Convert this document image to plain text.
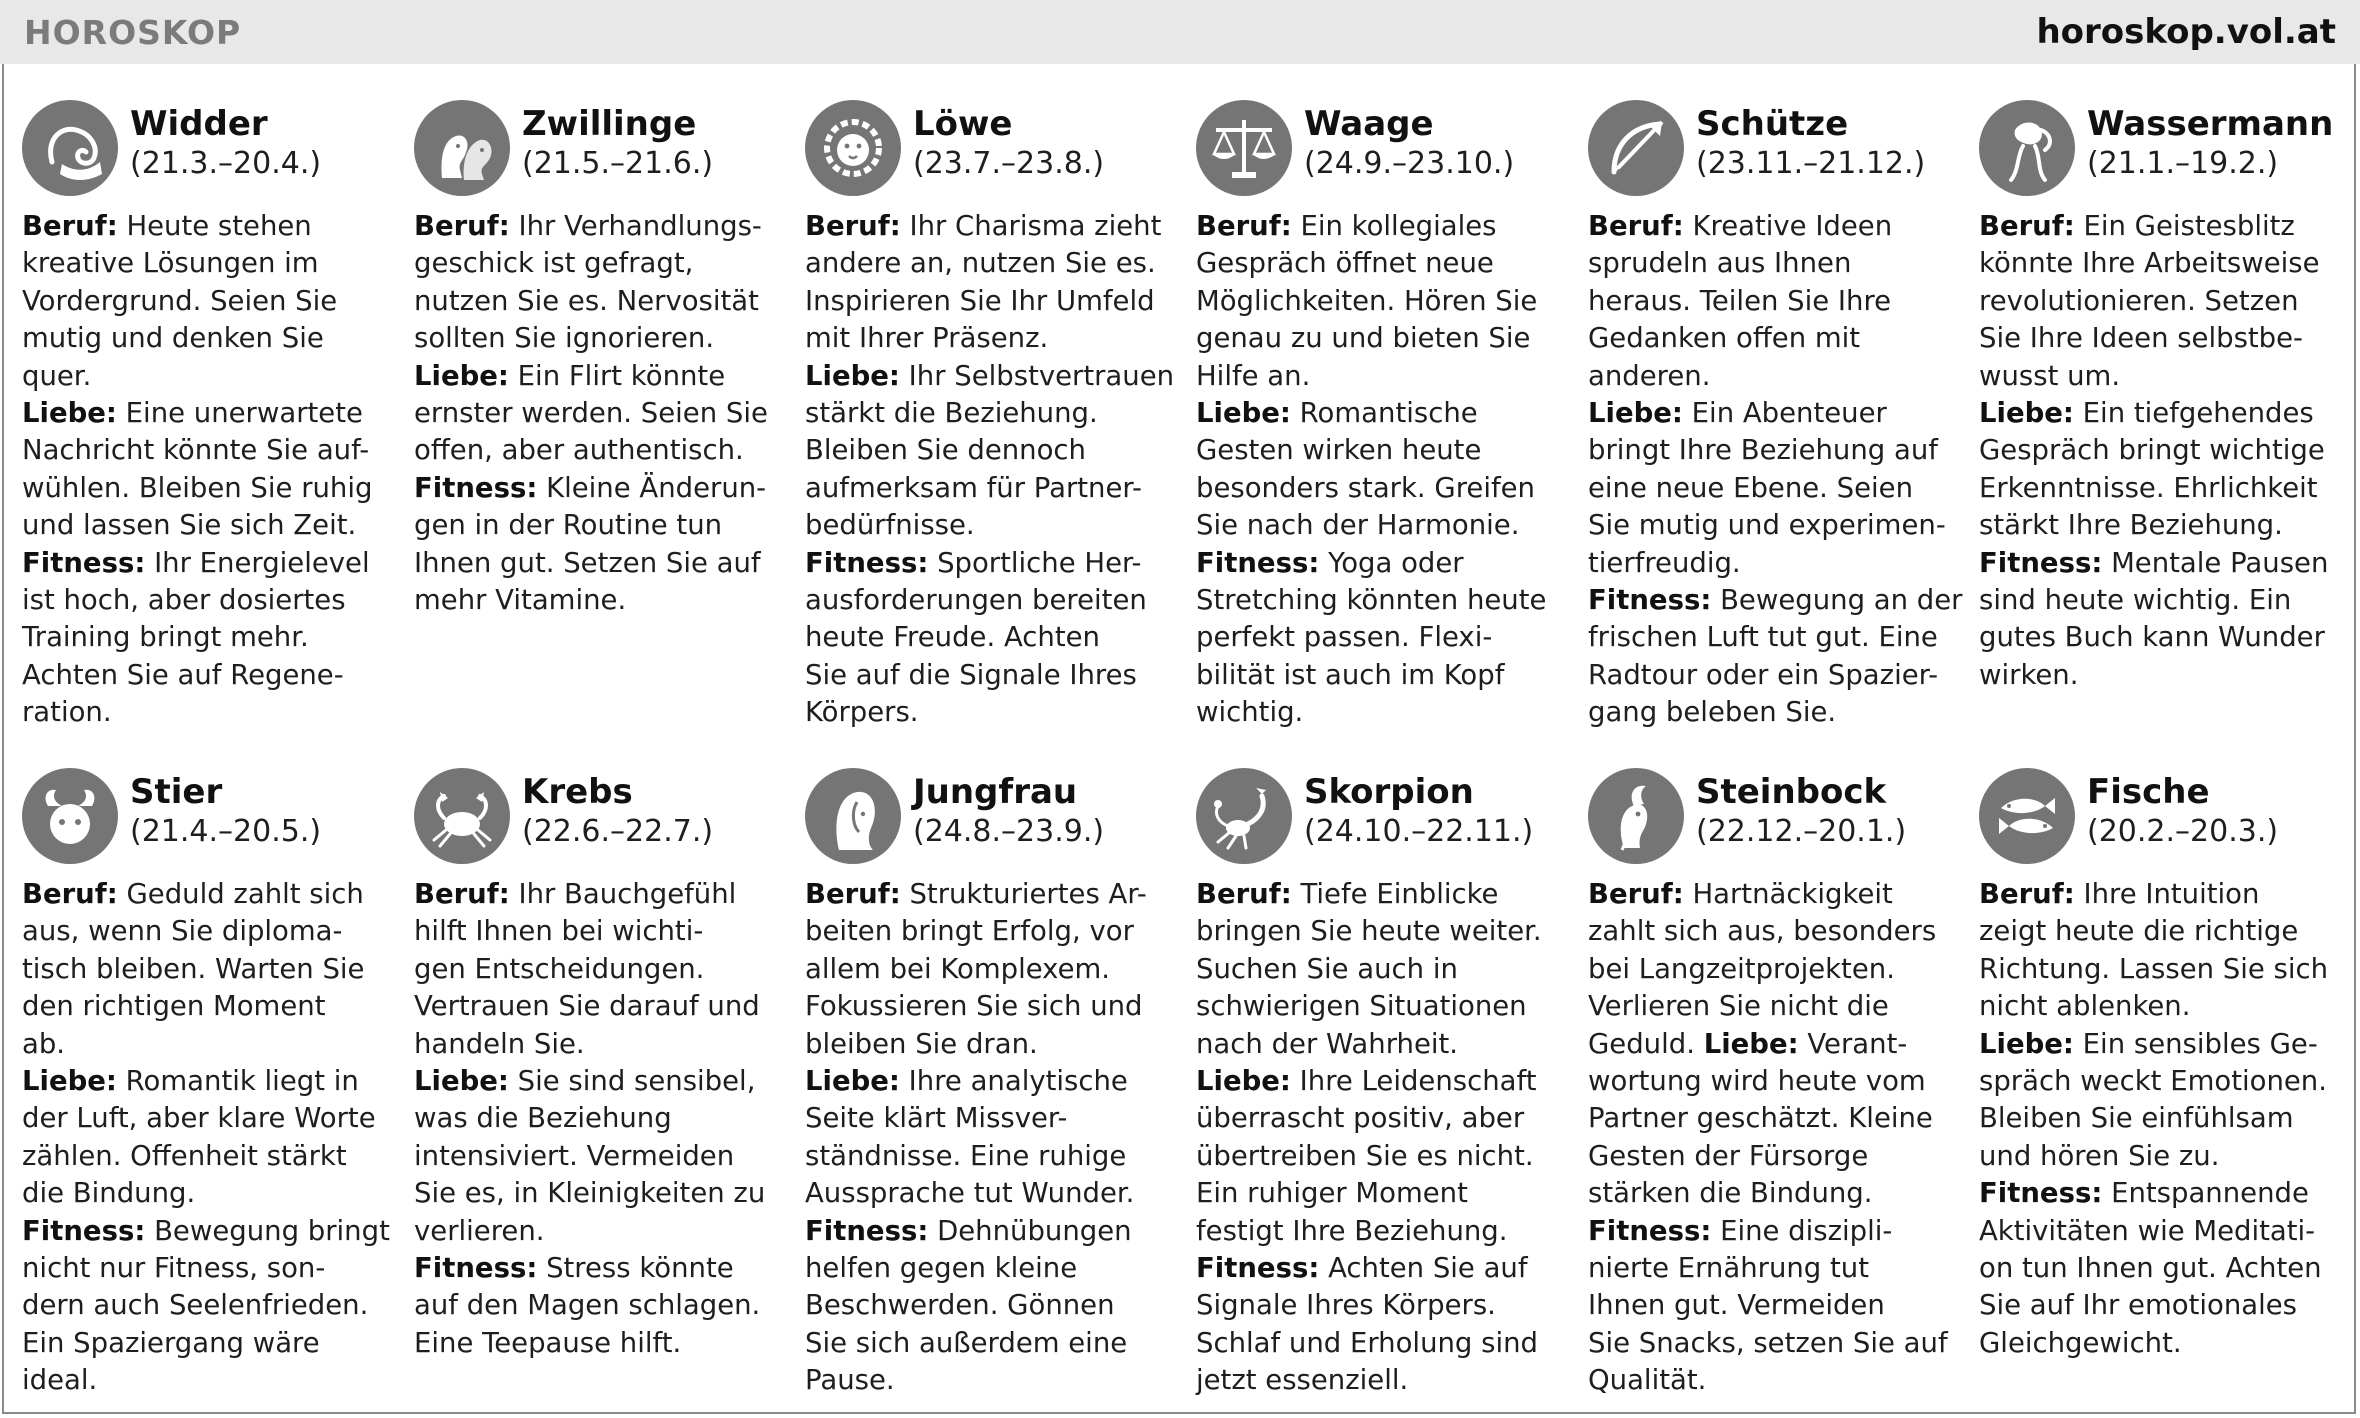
HOROSKOP	horoskop.vol.at
Widder
(21.3.–20.4.)
Beruf: Heute stehen
kreative Lösungen im
Vordergrund. Seien Sie
mutig und denken Sie
quer.
Liebe: Eine unerwartete
Nachricht könnte Sie auf-
wühlen. Bleiben Sie ruhig
und lassen Sie sich Zeit.
Fitness: Ihr Energielevel
ist hoch, aber dosiertes
Training bringt mehr.
Achten Sie auf Regene-
ration.
Zwillinge
(21.5.–21.6.)
Beruf: Ihr Verhandlungs-
geschick ist gefragt,
nutzen Sie es. Nervosität
sollten Sie ignorieren.
Liebe: Ein Flirt könnte
ernster werden. Seien Sie
offen, aber authentisch.
Fitness: Kleine Änderun-
gen in der Routine tun
Ihnen gut. Setzen Sie auf
mehr Vitamine.
Löwe
(23.7.–23.8.)
Beruf: Ihr Charisma zieht
andere an, nutzen Sie es.
Inspirieren Sie Ihr Umfeld
mit Ihrer Präsenz.
Liebe: Ihr Selbstvertrauen
stärkt die Beziehung.
Bleiben Sie dennoch
aufmerksam für Partner-
bedürfnisse.
Fitness: Sportliche Her-
ausforderungen bereiten
heute Freude. Achten
Sie auf die Signale Ihres
Körpers.
Waage
(24.9.–23.10.)
Beruf: Ein kollegiales
Gespräch öffnet neue
Möglichkeiten. Hören Sie
genau zu und bieten Sie
Hilfe an.
Liebe: Romantische
Gesten wirken heute
besonders stark. Greifen
Sie nach der Harmonie.
Fitness: Yoga oder
Stretching könnten heute
perfekt passen. Flexi-
bilität ist auch im Kopf
wichtig.
Schütze
(23.11.–21.12.)
Beruf: Kreative Ideen
sprudeln aus Ihnen
heraus. Teilen Sie Ihre
Gedanken offen mit
anderen.
Liebe: Ein Abenteuer
bringt Ihre Beziehung auf
eine neue Ebene. Seien
Sie mutig und experimen-
tierfreudig.
Fitness: Bewegung an der
frischen Luft tut gut. Eine
Radtour oder ein Spazier-
gang beleben Sie.
Wassermann
(21.1.–19.2.)
Beruf: Ein Geistesblitz
könnte Ihre Arbeitsweise
revolutionieren. Setzen
Sie Ihre Ideen selbstbe-
wusst um.
Liebe: Ein tiefgehendes
Gespräch bringt wichtige
Erkenntnisse. Ehrlichkeit
stärkt Ihre Beziehung.
Fitness: Mentale Pausen
sind heute wichtig. Ein
gutes Buch kann Wunder
wirken.
Stier
(21.4.–20.5.)
Beruf: Geduld zahlt sich
aus, wenn Sie diploma-
tisch bleiben. Warten Sie
den richtigen Moment
ab.
Liebe: Romantik liegt in
der Luft, aber klare Worte
zählen. Offenheit stärkt
die Bindung.
Fitness: Bewegung bringt
nicht nur Fitness, son-
dern auch Seelenfrieden.
Ein Spaziergang wäre
ideal.
Krebs
(22.6.–22.7.)
Beruf: Ihr Bauchgefühl
hilft Ihnen bei wichti-
gen Entscheidungen.
Vertrauen Sie darauf und
handeln Sie.
Liebe: Sie sind sensibel,
was die Beziehung
intensiviert. Vermeiden
Sie es, in Kleinigkeiten zu
verlieren.
Fitness: Stress könnte
auf den Magen schlagen.
Eine Teepause hilft.
Jungfrau
(24.8.–23.9.)
Beruf: Strukturiertes Ar-
beiten bringt Erfolg, vor
allem bei Komplexem.
Fokussieren Sie sich und
bleiben Sie dran.
Liebe: Ihre analytische
Seite klärt Missver-
ständnisse. Eine ruhige
Aussprache tut Wunder.
Fitness: Dehnübungen
helfen gegen kleine
Beschwerden. Gönnen
Sie sich außerdem eine
Pause.
Skorpion
(24.10.–22.11.)
Beruf: Tiefe Einblicke
bringen Sie heute weiter.
Suchen Sie auch in
schwierigen Situationen
nach der Wahrheit.
Liebe: Ihre Leidenschaft
überrascht positiv, aber
übertreiben Sie es nicht.
Ein ruhiger Moment
festigt Ihre Beziehung.
Fitness: Achten Sie auf
Signale Ihres Körpers.
Schlaf und Erholung sind
jetzt essenziell.
Steinbock
(22.12.–20.1.)
Beruf: Hartnäckigkeit
zahlt sich aus, besonders
bei Langzeitprojekten.
Verlieren Sie nicht die
Geduld. Liebe: Verant-
wortung wird heute vom
Partner geschätzt. Kleine
Gesten der Fürsorge
stärken die Bindung.
Fitness: Eine diszipli-
nierte Ernährung tut
Ihnen gut. Vermeiden
Sie Snacks, setzen Sie auf
Qualität.
Fische
(20.2.–20.3.)
Beruf: Ihre Intuition
zeigt heute die richtige
Richtung. Lassen Sie sich
nicht ablenken.
Liebe: Ein sensibles Ge-
spräch weckt Emotionen.
Bleiben Sie einfühlsam
und hören Sie zu.
Fitness: Entspannende
Aktivitäten wie Meditati-
on tun Ihnen gut. Achten
Sie auf Ihr emotionales
Gleichgewicht.
